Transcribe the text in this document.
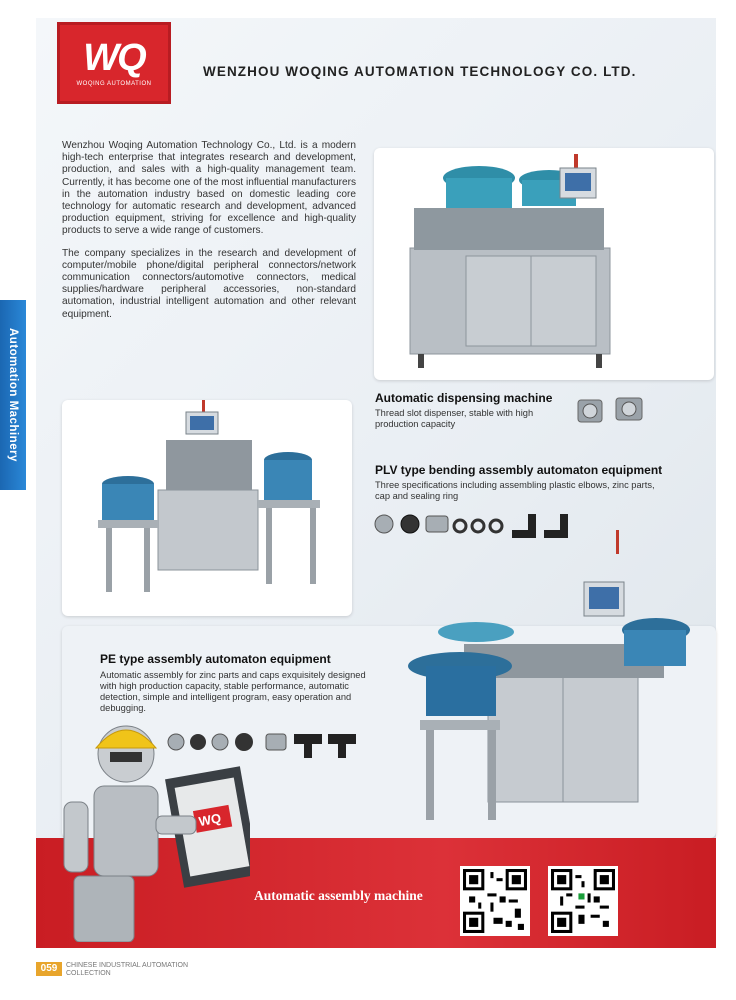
WQ
WOQING AUTOMATION
WENZHOU WOQING AUTOMATION TECHNOLOGY CO. LTD.

Wenzhou Woqing Automation Technology Co., Ltd. is a modern high-tech enterprise that integrates research and development, production, and sales with a high-quality management team. Currently, it has become one of the most influential manufacturers in the automation industry based on domestic leading core technology for automatic research and development, advanced production equipment, striving for excellence and high-quality products to serve a wide range of customers.

The company specializes in the research and development of computer/mobile phone/digital peripheral connectors/network communication connectors/automotive connectors, medical supplies/hardware peripheral accessories, non-standard automation, industrial intelligent automation and other relevant equipment.

Automation Machinery	Automatic dispensing machine
Thread slot dispenser, stable with high production capacity
PLV type bending assembly automaton equipment
Three specifications including assembling plastic elbows, zinc parts, cap and sealing ring
PE type assembly automaton equipment
Automatic assembly for zinc parts and caps exquisitely designed with high production capacity, stable performance, automatic detection, simple and intelligent program, easy operation and debugging.
WQ
Automatic assembly machine
059	CHINESE INDUSTRIAL AUTOMATION
COLLECTION
